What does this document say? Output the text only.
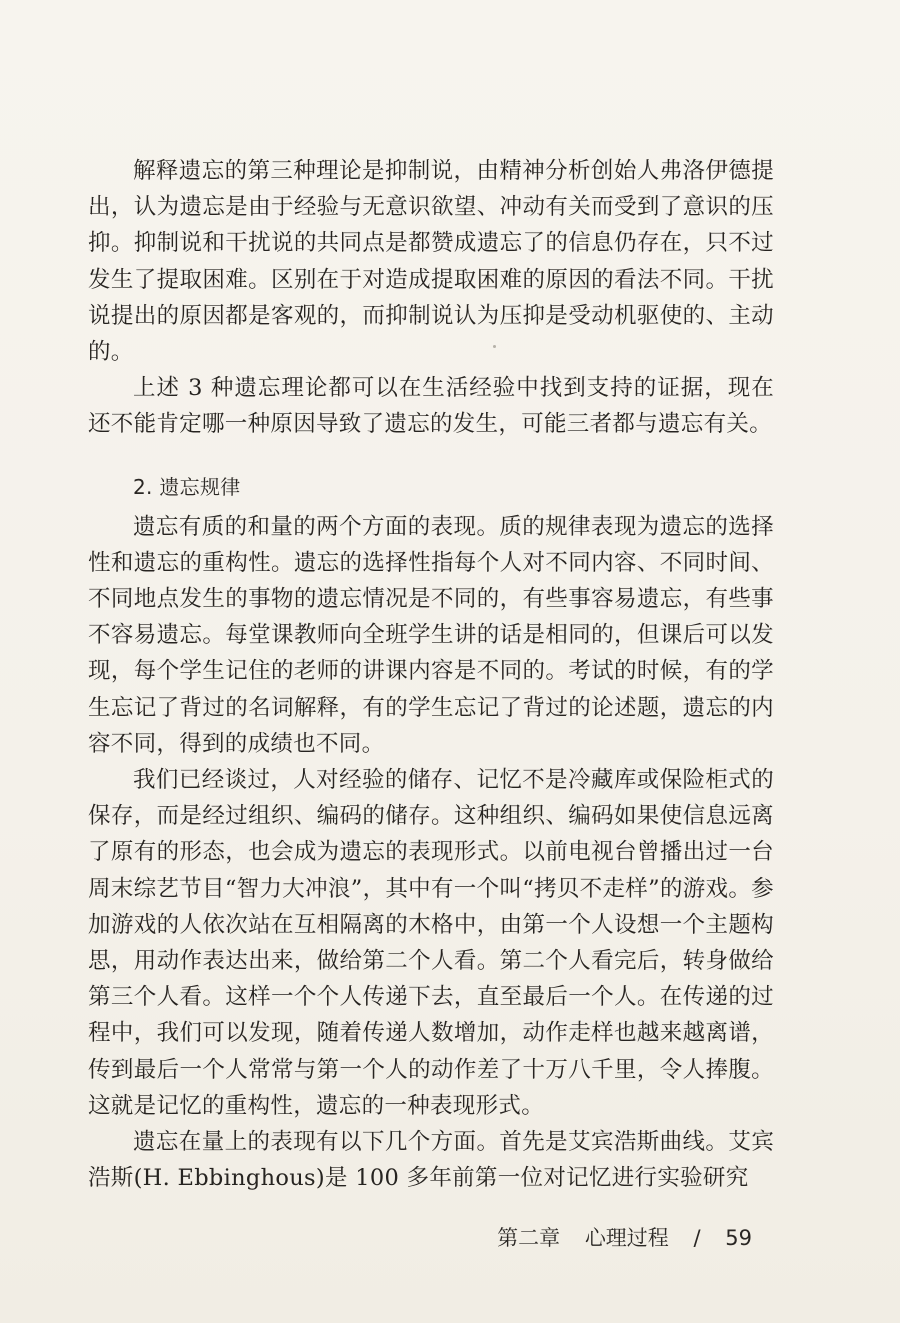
解释遗忘的第三种理论是抑制说，由精神分析创始人弗洛伊德提出，认为遗忘是由于经验与无意识欲望、冲动有关而受到了意识的压抑。抑制说和干扰说的共同点是都赞成遗忘了的信息仍存在，只不过发生了提取困难。区别在于对造成提取困难的原因的看法不同。干扰说提出的原因都是客观的，而抑制说认为压抑是受动机驱使的、主动的。

上述 3 种遗忘理论都可以在生活经验中找到支持的证据，现在还不能肯定哪一种原因导致了遗忘的发生，可能三者都与遗忘有关。

2. 遗忘规律

遗忘有质的和量的两个方面的表现。质的规律表现为遗忘的选择性和遗忘的重构性。遗忘的选择性指每个人对不同内容、不同时间、不同地点发生的事物的遗忘情况是不同的，有些事容易遗忘，有些事不容易遗忘。每堂课教师向全班学生讲的话是相同的，但课后可以发现，每个学生记住的老师的讲课内容是不同的。考试的时候，有的学生忘记了背过的名词解释，有的学生忘记了背过的论述题，遗忘的内容不同，得到的成绩也不同。

我们已经谈过，人对经验的储存、记忆不是冷藏库或保险柜式的保存，而是经过组织、编码的储存。这种组织、编码如果使信息远离了原有的形态，也会成为遗忘的表现形式。以前电视台曾播出过一台周末综艺节目“智力大冲浪”，其中有一个叫“拷贝不走样”的游戏。参加游戏的人依次站在互相隔离的木格中，由第一个人设想一个主题构思，用动作表达出来，做给第二个人看。第二个人看完后，转身做给第三个人看。这样一个个人传递下去，直至最后一个人。在传递的过程中，我们可以发现，随着传递人数增加，动作走样也越来越离谱，传到最后一个人常常与第一个人的动作差了十万八千里，令人捧腹。这就是记忆的重构性，遗忘的一种表现形式。

遗忘在量上的表现有以下几个方面。首先是艾宾浩斯曲线。艾宾浩斯(H. Ebbinghous)是 100 多年前第一位对记忆进行实验研究

第二章 心理过程 / 59
